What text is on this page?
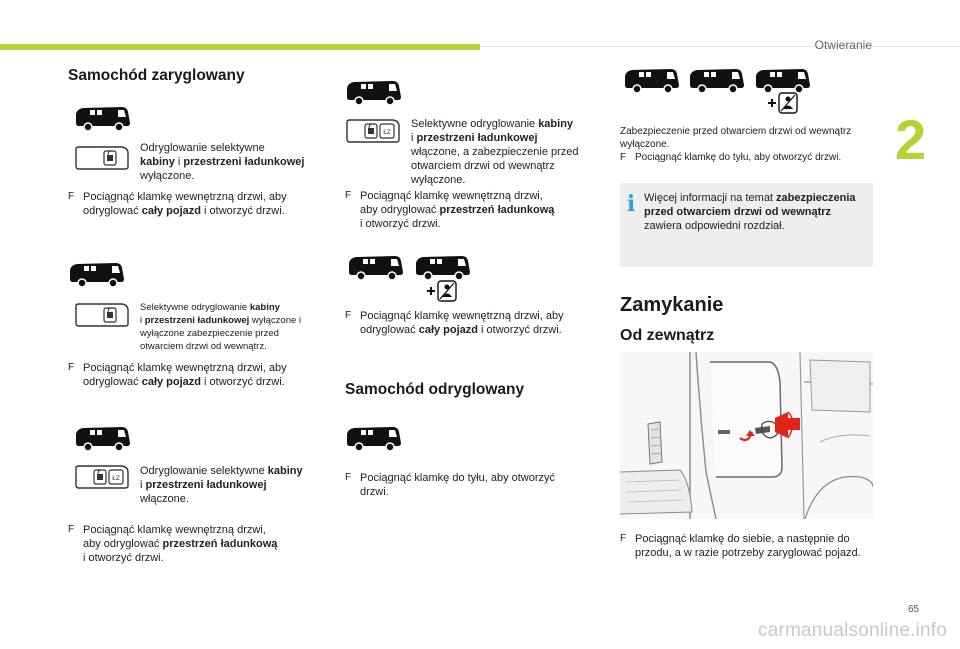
Otwieranie
2
65
carmanualsonline.info
Samochód zaryglowany
Odryglowanie selektywne
kabiny i przestrzeni ładunkowej wyłączone.
F Pociągnąć klamkę wewnętrzną drzwi, aby odryglować cały pojazd i otworzyć drzwi.
Selektywne odryglowanie kabiny
i przestrzeni ładunkowej wyłączone i wyłączone zabezpieczenie przed otwarciem drzwi od wewnątrz.
F Pociągnąć klamkę wewnętrzną drzwi, aby odryglować cały pojazd i otworzyć drzwi.
ŁZ
Odryglowanie selektywne kabiny
i przestrzeni ładunkowej
włączone.
F Pociągnąć klamkę wewnętrzną drzwi,
aby odryglować przestrzeń ładunkową
i otworzyć drzwi.
ŁZ
Selektywne odryglowanie kabiny
i przestrzeni ładunkowej
włączone, a zabezpieczenie przed otwarciem drzwi od wewnątrz wyłączone.
F Pociągnąć klamkę wewnętrzną drzwi,
aby odryglować przestrzeń ładunkową
i otworzyć drzwi.
F Pociągnąć klamkę wewnętrzną drzwi, aby odryglować cały pojazd i otworzyć drzwi.
Samochód odryglowany
F Pociągnąć klamkę do tyłu, aby otworzyć drzwi.
Zabezpieczenie przed otwarciem drzwi od wewnątrz wyłączone.
F Pociągnąć klamkę do tyłu, aby otworzyć drzwi.
i Więcej informacji na temat zabezpieczenia przed otwarciem drzwi od wewnątrz zawiera odpowiedni rozdział.
Zamykanie
Od zewnątrz
F Pociągnąć klamkę do siebie, a następnie do przodu, a w razie potrzeby zaryglować pojazd.
